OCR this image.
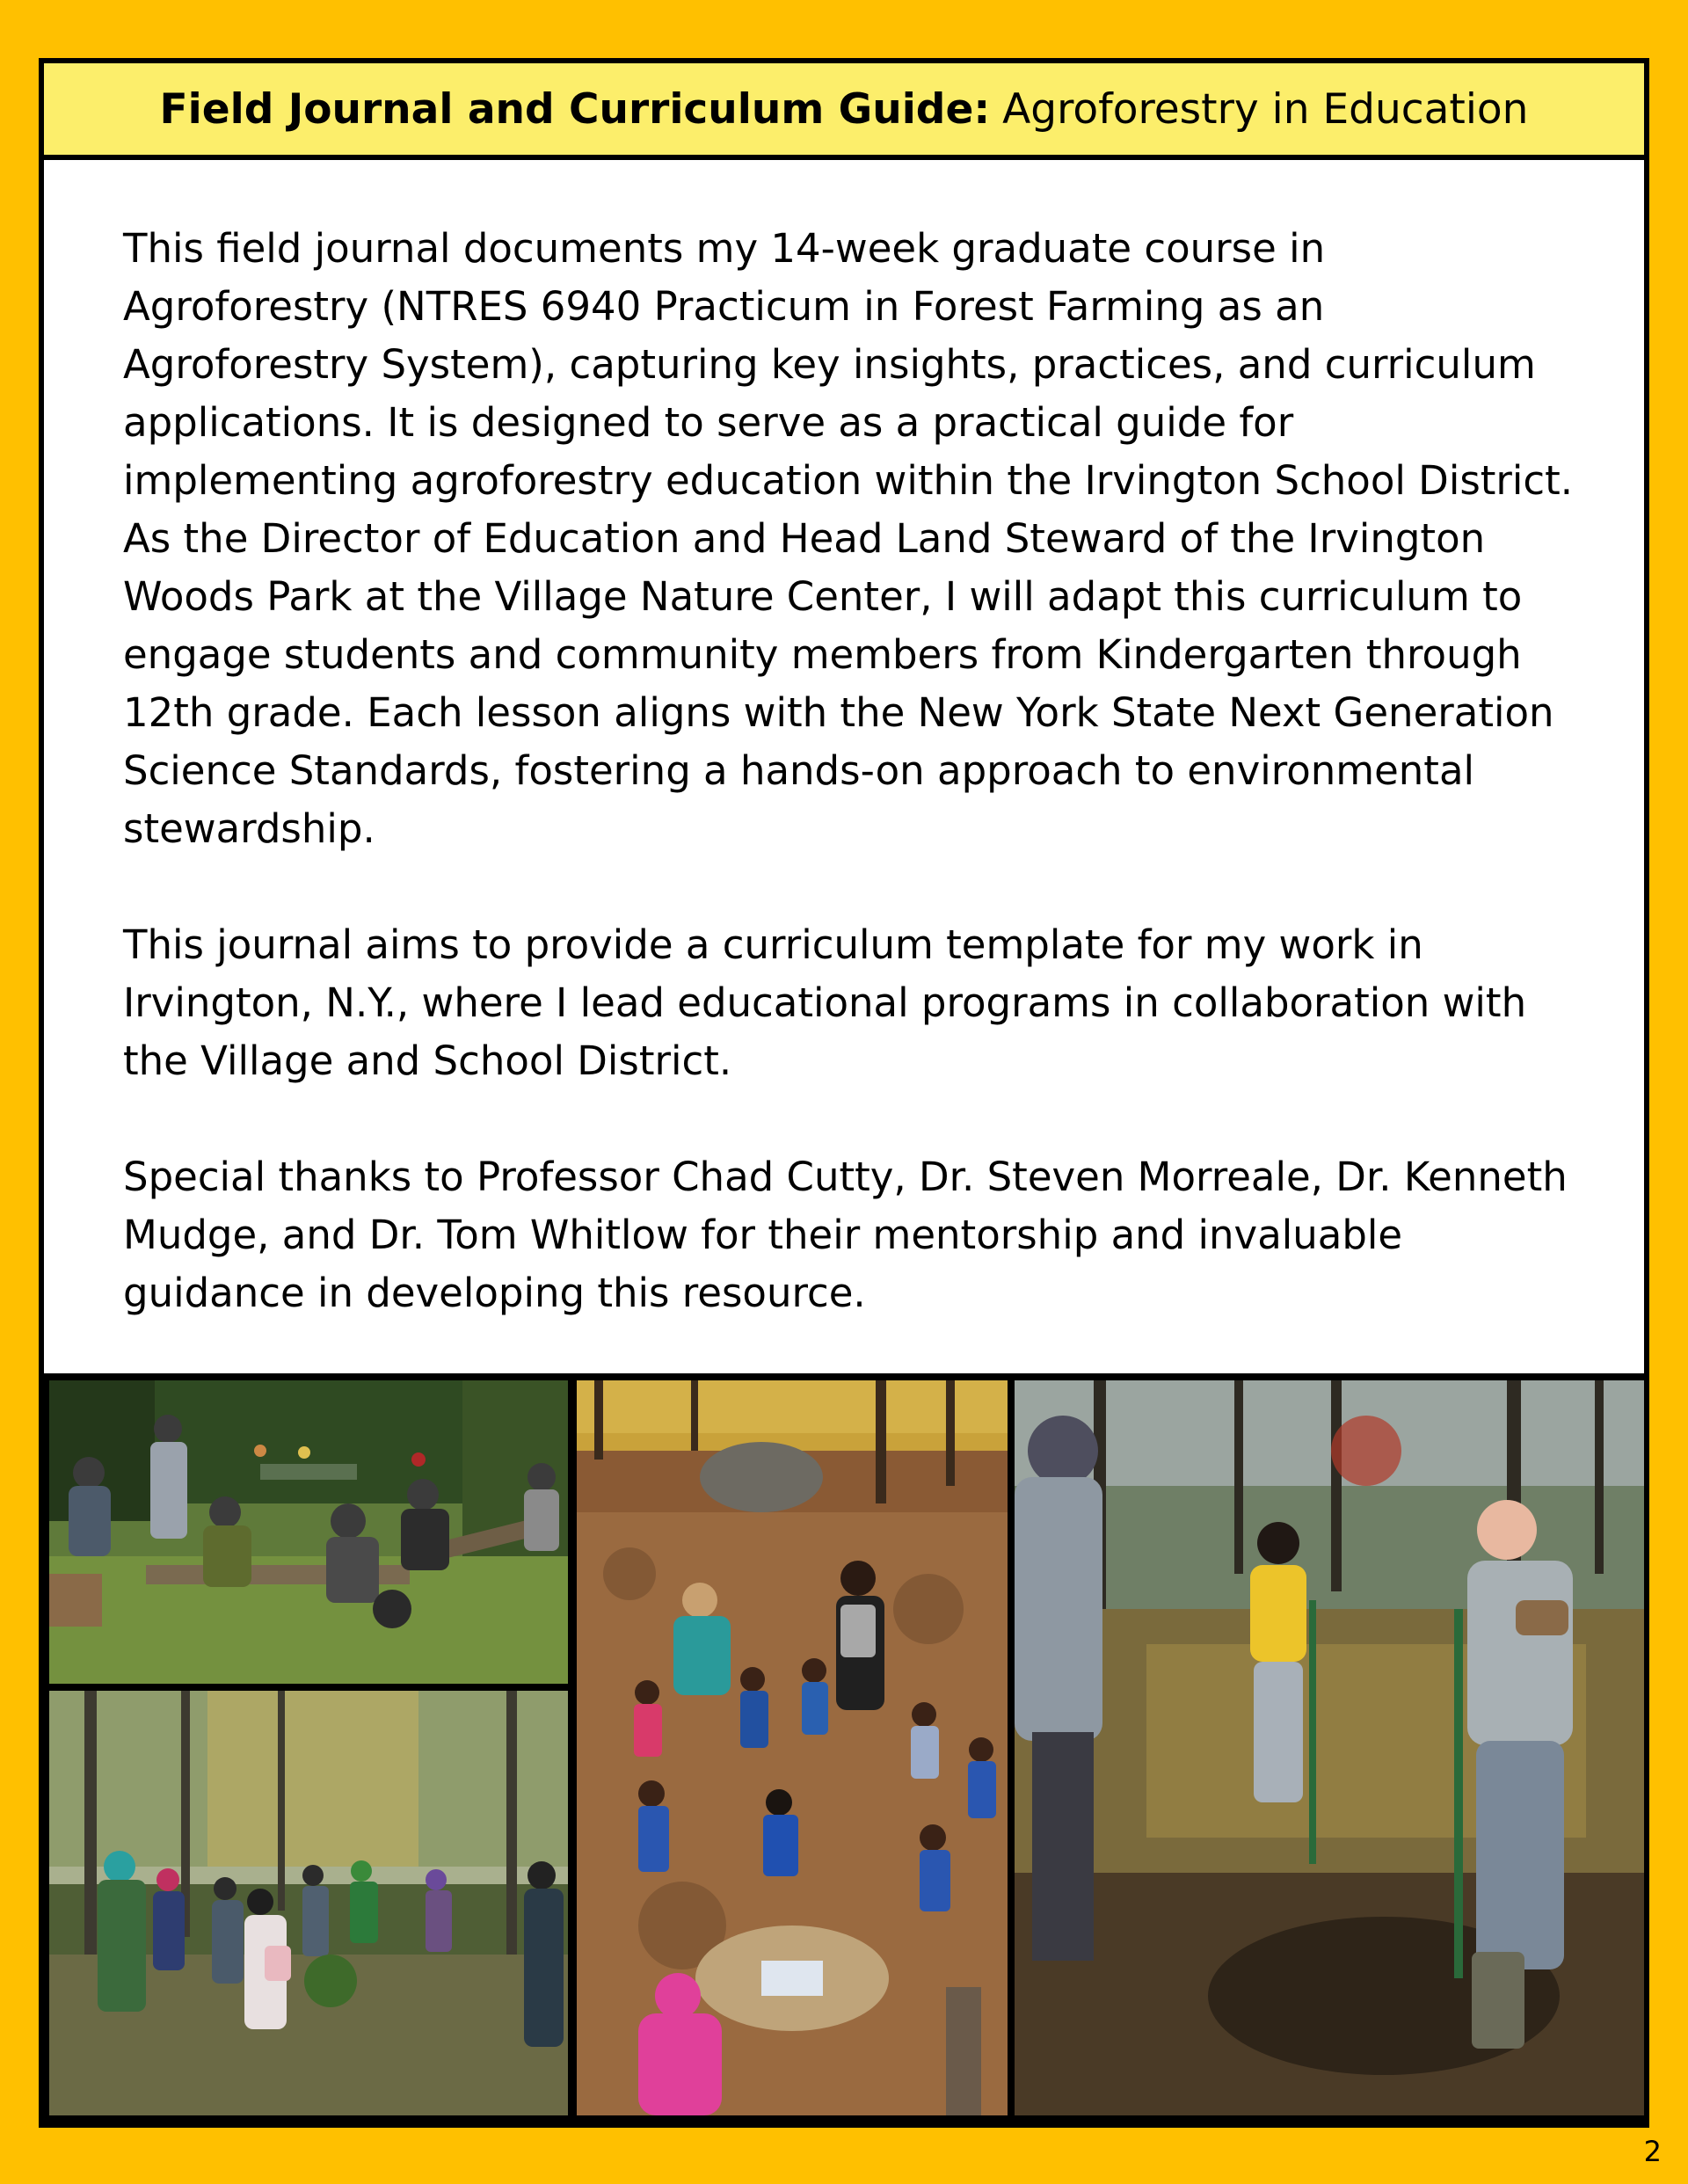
Field Journal and Curriculum Guide: Agroforestry in Education

This field journal documents my 14-week graduate course in Agroforestry (NTRES 6940 Practicum in Forest Farming as an Agroforestry System), capturing key insights, practices, and curriculum applications. It is designed to serve as a practical guide for implementing agroforestry education within the Irvington School District. As the Director of Education and Head Land Steward of the Irvington Woods Park at the Village Nature Center, I will adapt this curriculum to engage students and community members from Kindergarten through 12th grade. Each lesson aligns with the New York State Next Generation Science Standards, fostering a hands-on approach to environmental stewardship.

This journal aims to provide a curriculum template for my work in Irvington, N.Y., where I lead educational programs in collaboration with the Village and School District.

Special thanks to Professor Chad Cutty, Dr. Steven Morreale, Dr. Kenneth Mudge, and Dr. Tom Whitlow for their mentorship and invaluable guidance in developing this resource.

2
